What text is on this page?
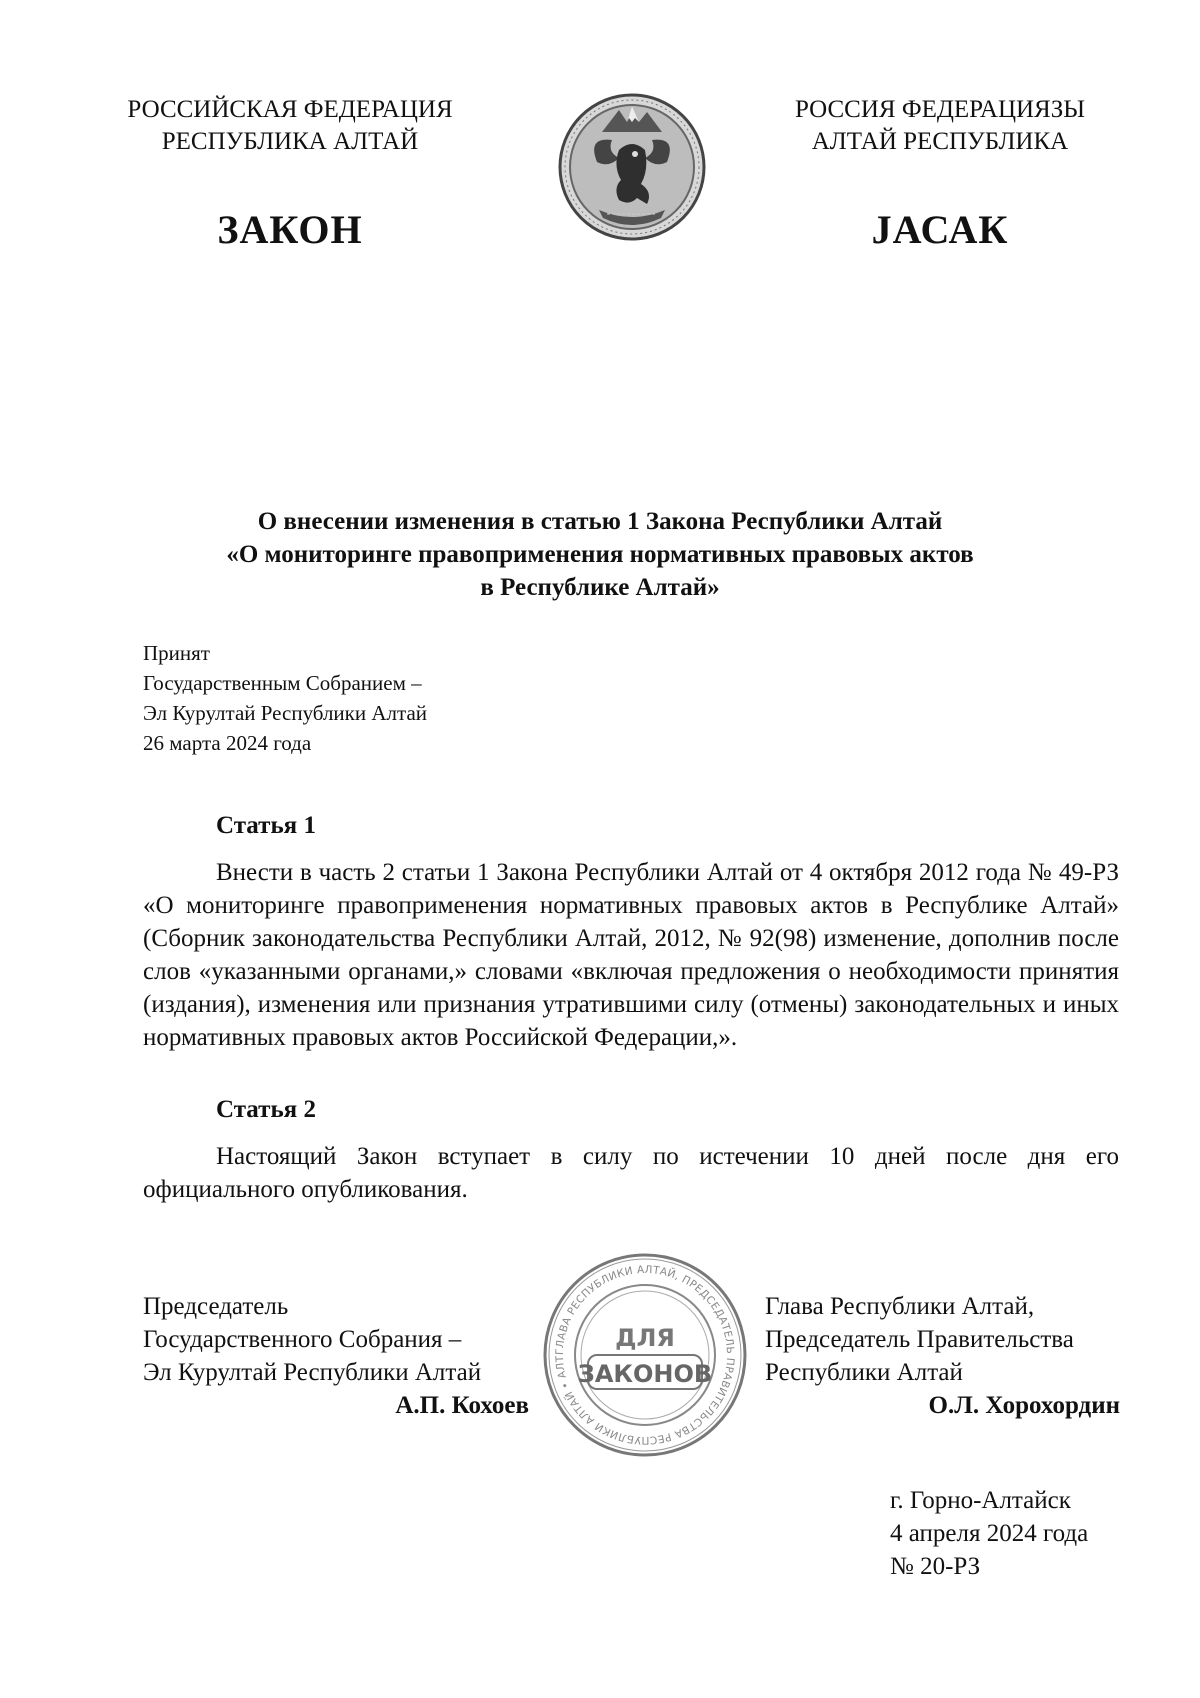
РОССИЙСКАЯ ФЕДЕРАЦИЯ
РЕСПУБЛИКА АЛТАЙ
ЗАКОН
РОССИЯ ФЕДЕРАЦИЯЗЫ
АЛТАЙ РЕСПУБЛИКА
JАСАК
О внесении изменения в статью 1 Закона Республики Алтай
«О мониторинге правоприменения нормативных правовых актов
в Республике Алтай»
Принят
Государственным Собранием –
Эл Курултай Республики Алтай
26 марта 2024 года
Статья 1
Внести в часть 2 статьи 1 Закона Республики Алтай от 4 октября 2012 года № 49-РЗ «О мониторинге правоприменения нормативных правовых актов в Республике Алтай» (Сборник законодательства Республики Алтай, 2012, № 92(98) изменение, дополнив после слов «указанными органами,» словами «включая предложения о необходимости принятия (издания), изменения или признания утратившими силу (отмены) законодательных и иных нормативных правовых актов Российской Федерации,».
Статья 2
Настоящий Закон вступает в силу по истечении 10 дней после дня его официального опубликования.
Председатель
Государственного Собрания –
Эл Курултай Республики Алтай
А.П. Кохоев
Глава Республики Алтай,
Председатель Правительства
Республики Алтай
О.Л. Хорохордин
ГЛАВА РЕСПУБЛИКИ АЛТАЙ, ПРЕДСЕДАТЕЛЬ ПРАВИТЕЛЬСТВА РЕСПУБЛИКИ АЛТАЙ • АЛТ
ДЛЯ
ЗАКОНОВ
г. Горно-Алтайск
4 апреля 2024 года
№ 20-РЗ
